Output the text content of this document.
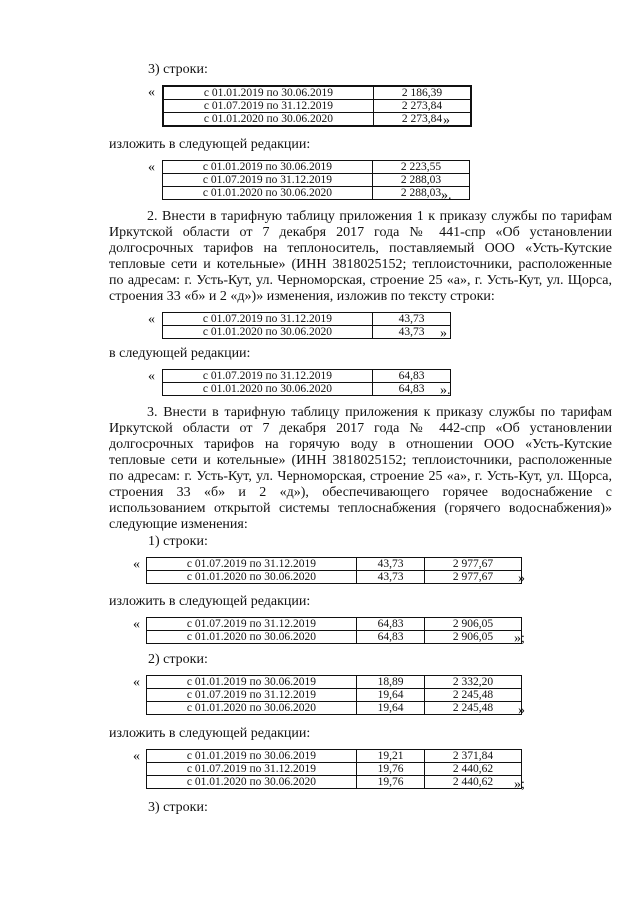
3) строки:
«	с 01.01.2019 по 30.06.2019	2 186,39
с 01.07.2019 по 31.12.2019	2 273,84
с 01.01.2020 по 30.06.2020	2 273,84 »
изложить в следующей редакции:
«	с 01.01.2019 по 30.06.2019	2 223,55
с 01.07.2019 по 31.12.2019	2 288,03
с 01.01.2020 по 30.06.2020	2 288,03 ».
2. Внести в тарифную таблицу приложения 1 к приказу службы по тарифам Иркутской области от 7 декабря 2017 года № 441-спр «Об установлении долгосрочных тарифов на теплоноситель, поставляемый ООО «Усть-Кутские тепловые сети и котельные» (ИНН 3818025152; теплоисточники, расположенные по адресам: г. Усть-Кут, ул. Черноморская, строение 25 «а», г. Усть-Кут, ул. Щорса, строения 33 «б» и 2 «д»)» изменения, изложив по тексту строки:
«	с 01.07.2019 по 31.12.2019	43,73
с 01.01.2020 по 30.06.2020	43,73 »
в следующей редакции:
«	с 01.07.2019 по 31.12.2019	64,83
с 01.01.2020 по 30.06.2020	64,83 ».
3. Внести в тарифную таблицу приложения к приказу службы по тарифам Иркутской области от 7 декабря 2017 года № 442-спр «Об установлении долгосрочных тарифов на горячую воду в отношении ООО «Усть-Кутские тепловые сети и котельные» (ИНН 3818025152; теплоисточники, расположенные по адресам: г. Усть-Кут, ул. Черноморская, строение 25 «а», г. Усть-Кут, ул. Щорса, строения 33 «б» и 2 «д»), обеспечивающего горячее водоснабжение с использованием открытой системы теплоснабжения (горячего водоснабжения)» следующие изменения:
1) строки:
«	с 01.07.2019 по 31.12.2019	43,73	2 977,67
с 01.01.2020 по 30.06.2020	43,73	2 977,67 »
изложить в следующей редакции:
«	с 01.07.2019 по 31.12.2019	64,83	2 906,05
с 01.01.2020 по 30.06.2020	64,83	2 906,05 »;
2) строки:
«	с 01.01.2019 по 30.06.2019	18,89	2 332,20
с 01.07.2019 по 31.12.2019	19,64	2 245,48
с 01.01.2020 по 30.06.2020	19,64	2 245,48 »
изложить в следующей редакции:
«	с 01.01.2019 по 30.06.2019	19,21	2 371,84
с 01.07.2019 по 31.12.2019	19,76	2 440,62
с 01.01.2020 по 30.06.2020	19,76	2 440,62 »;
3) строки:
